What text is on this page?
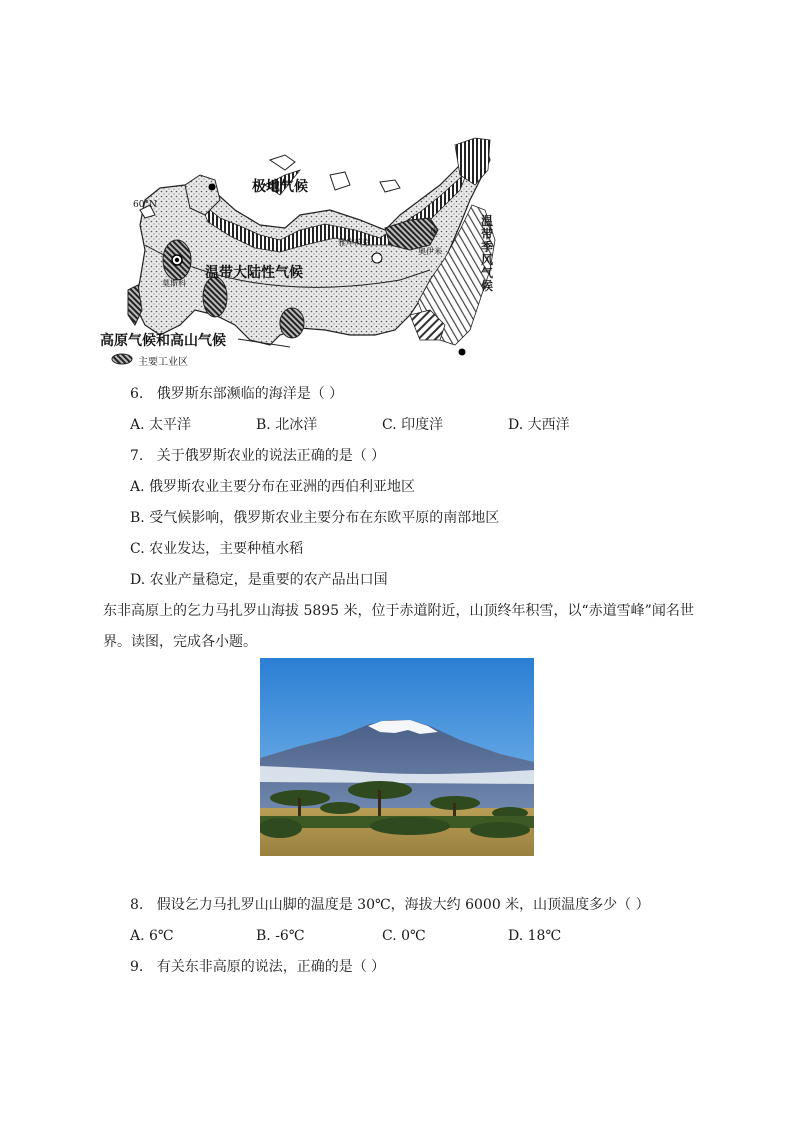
60°N
极地气候
温带大陆性气候
高原气候和高山气候
莫斯科
雅库茨克
康
奥伊米
温带季风气候
主要工业区
6. 俄罗斯东部濒临的海洋是（ ）
A. 太平洋	B. 北冰洋	C. 印度洋	D. 大西洋
7. 关于俄罗斯农业的说法正确的是（ ）
A. 俄罗斯农业主要分布在亚洲的西伯利亚地区
B. 受气候影响，俄罗斯农业主要分布在东欧平原的南部地区
C. 农业发达，主要种植水稻
D. 农业产量稳定，是重要的农产品出口国
东非高原上的乞力马扎罗山海拔 5895 米，位于赤道附近，山顶终年积雪，以“赤道雪峰”闻名世
界。读图，完成各小题。
8. 假设乞力马扎罗山山脚的温度是 30℃，海拔大约 6000 米，山顶温度多少（ ）
A. 6℃	B. -6℃	C. 0℃	D. 18℃
9. 有关东非高原的说法，正确的是（ ）
